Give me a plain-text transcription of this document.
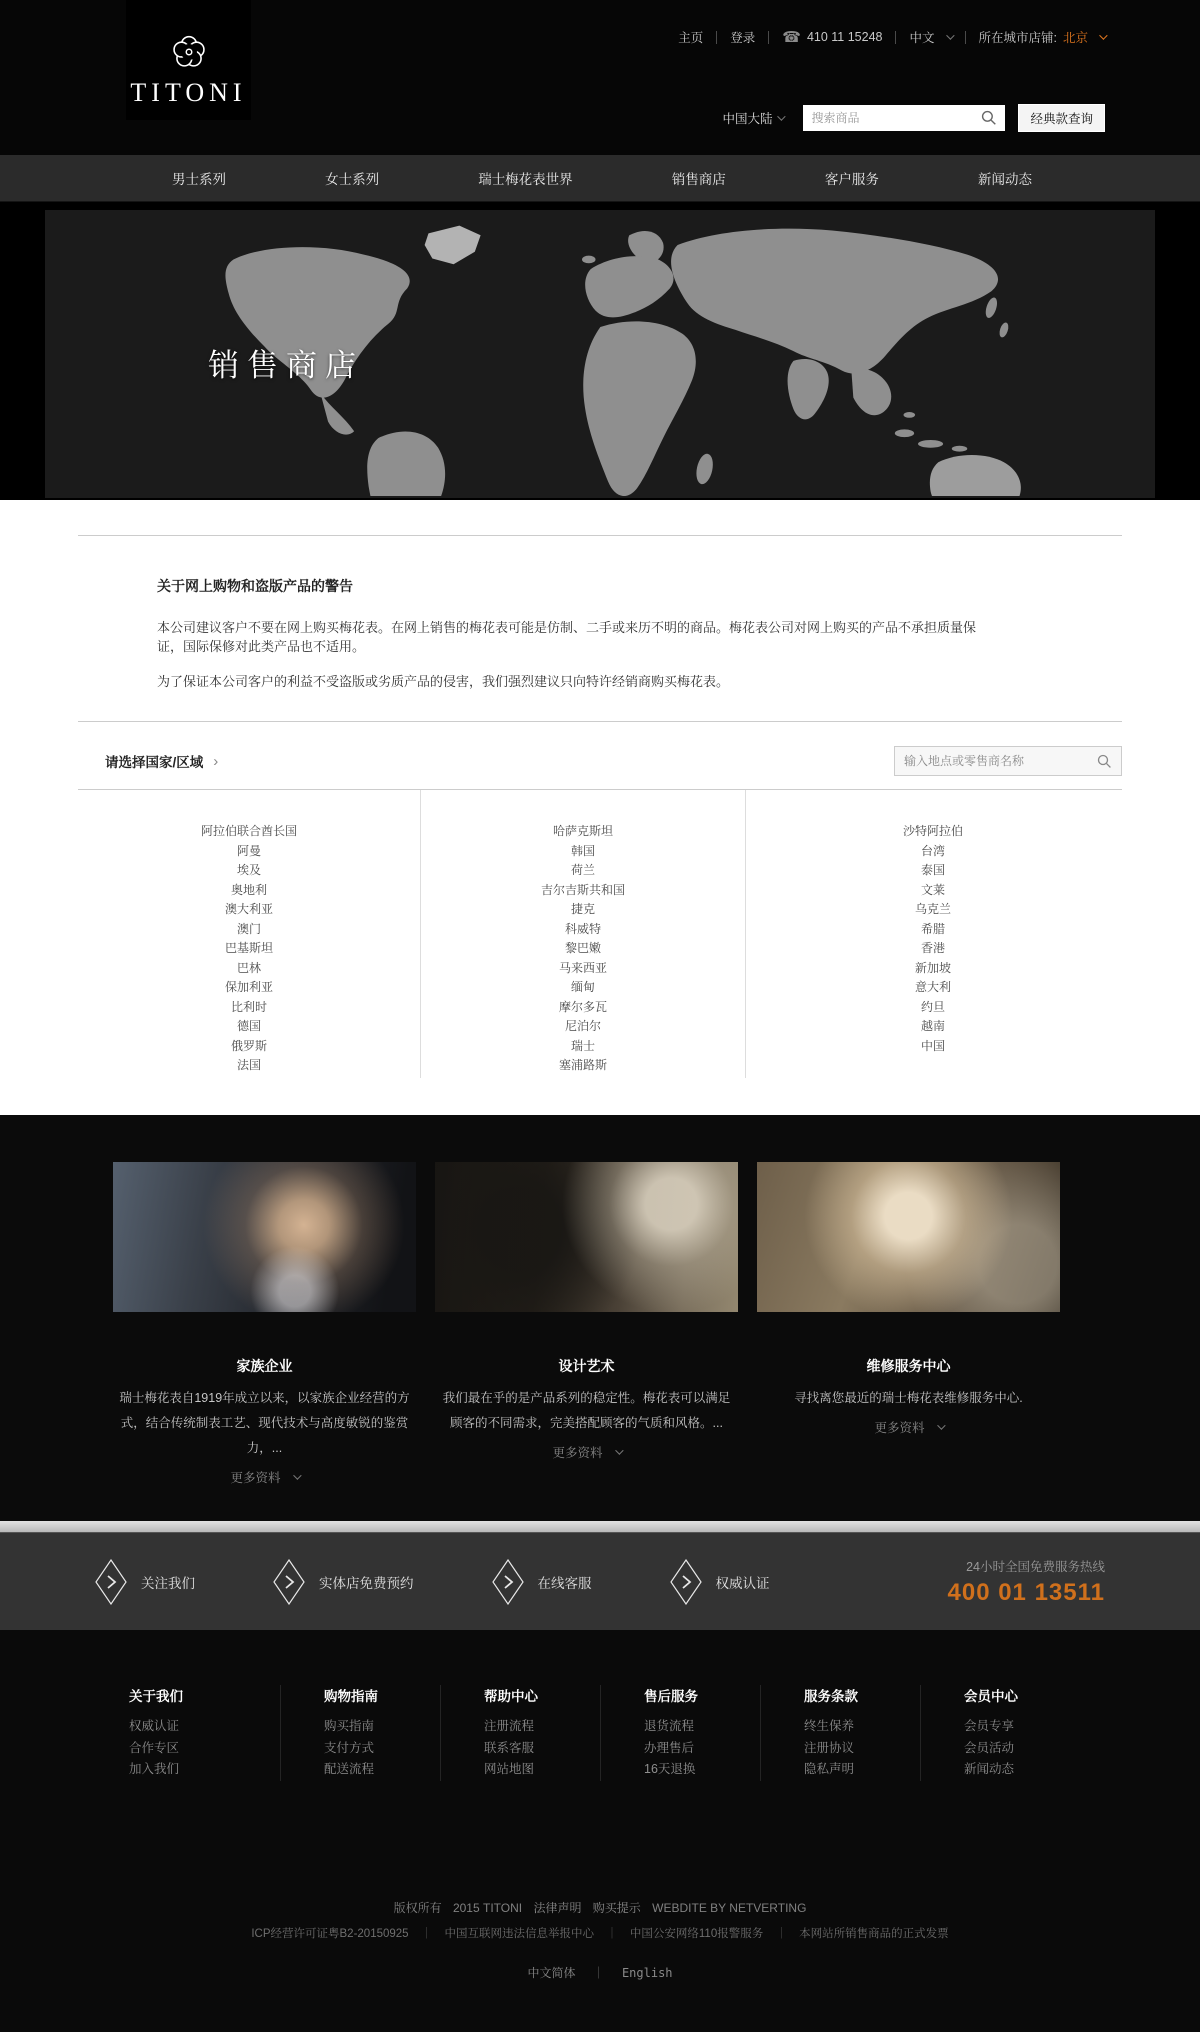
TITONI
主页 登录 ☎ 410 11 15248 中文	所在城市店铺: 北京
中国大陆
搜索商品	经典款查询
男士系列	女士系列	瑞士梅花表世界	销售商店	客户服务	新闻动态
销售商店
关于网上购物和盗版产品的警告

本公司建议客户不要在网上购买梅花表。在网上销售的梅花表可能是仿制、二手或来历不明的商品。梅花表公司对网上购买的产品不承担质量保证，国际保修对此类产品也不适用。

为了保证本公司客户的利益不受盗版或劣质产品的侵害，我们强烈建议只向特许经销商购买梅花表。

请选择国家/区域 ›
输入地点或零售商名称
阿拉伯联合酋长国
阿曼
埃及
奥地利
澳大利亚
澳门
巴基斯坦
巴林
保加利亚
比利时
德国
俄罗斯
法国
哈萨克斯坦
韩国
荷兰
吉尔吉斯共和国
捷克
科威特
黎巴嫩
马来西亚
缅甸
摩尔多瓦
尼泊尔
瑞士
塞浦路斯
沙特阿拉伯
台湾
泰国
文莱
乌克兰
希腊
香港
新加坡
意大利
约旦
越南
中国
家族企业
瑞士梅花表自1919年成立以来，以家族企业经营的方式，结合传统制表工艺、现代技术与高度敏锐的鉴赏力，...
更多资料
设计艺术
我们最在乎的是产品系列的稳定性。梅花表可以满足顾客的不同需求，完美搭配顾客的气质和风格。...
更多资料
维修服务中心
寻找离您最近的瑞士梅花表维修服务中心.
更多资料
关注我们	实体店免费预约	在线客服	权威认证
24小时全国免费服务热线
400 01 13511
关于我们
权威认证
合作专区
加入我们
购物指南
购买指南
支付方式
配送流程
帮助中心
注册流程
联系客服
网站地图
售后服务
退货流程
办理售后
16天退换
服务条款
终生保养
注册协议
隐私声明
会员中心
会员专享
会员活动
新闻动态
版权所有 2015 TITONI 法律声明 购买提示 WEBDITE BY NETVERTING
ICP经营许可证粤B2-20150925 ｜ 中国互联网违法信息举报中心 ｜ 中国公安网络110报警服务 ｜ 本网站所销售商品的正式发票
中文简体 ｜ English
